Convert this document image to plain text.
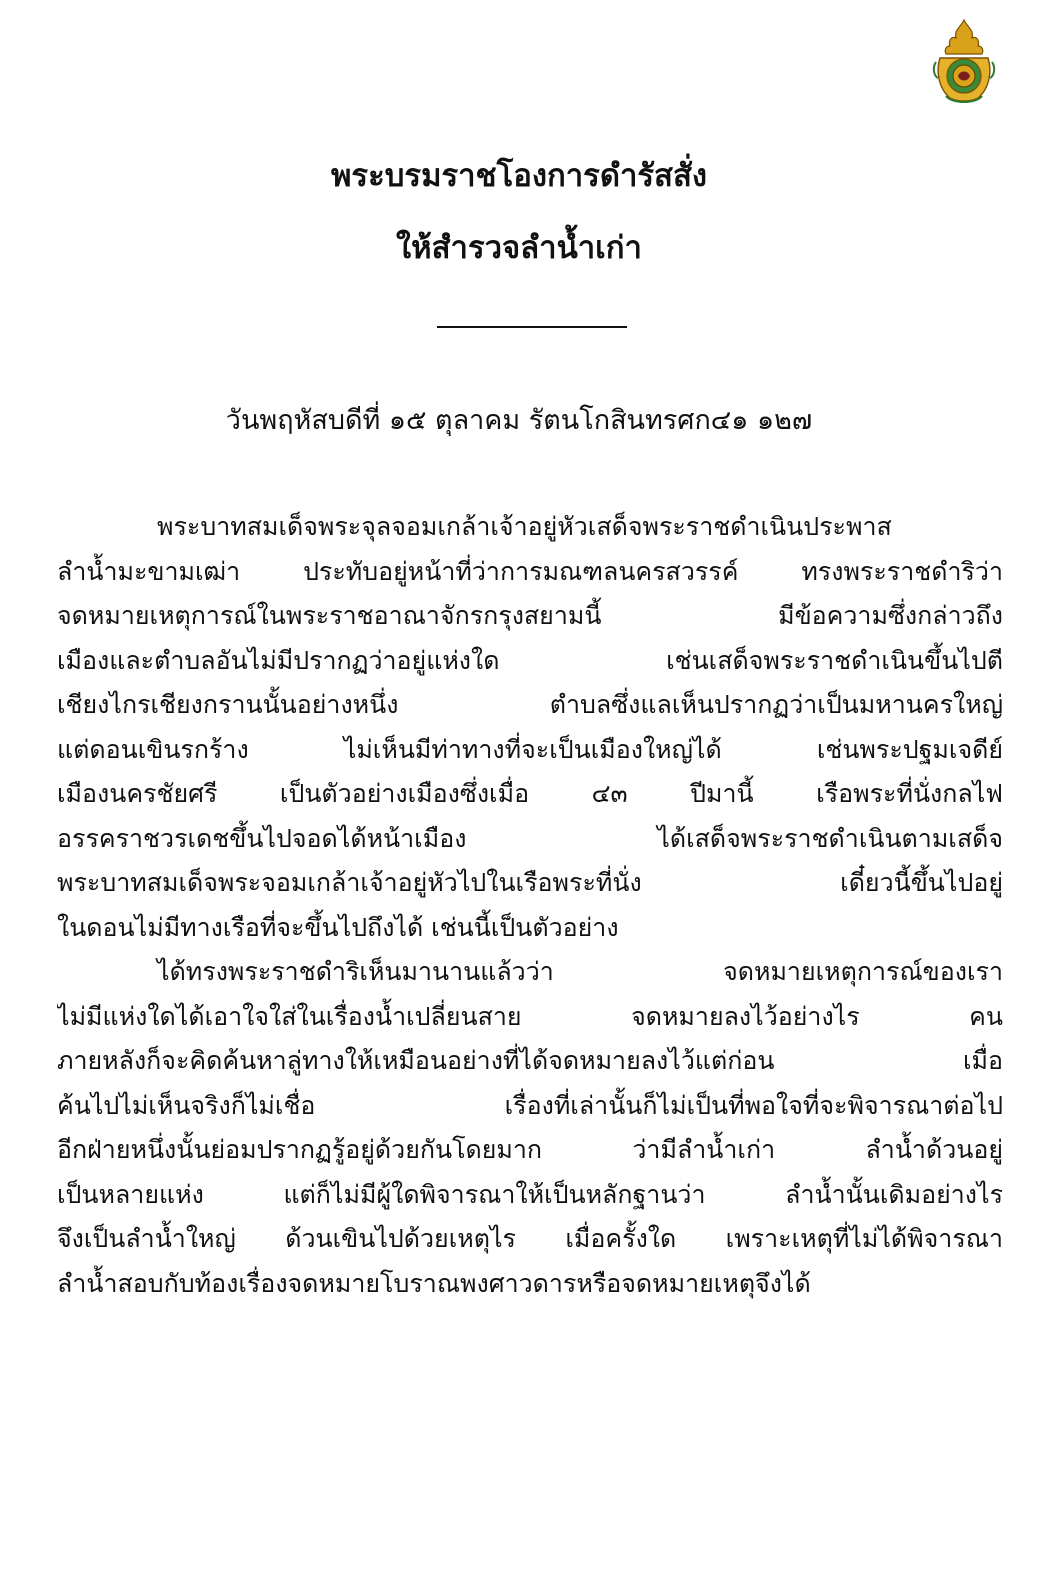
พระบรมราชโองการดำรัสสั่ง
ให้สำรวจลำน้ำเก่า
วันพฤหัสบดีที่ ๑๕ ตุลาคม รัตนโกสินทรศก๔๑ ๑๒๗
พระบาทสมเด็จพระจุลจอมเกล้าเจ้าอยู่หัวเสด็จพระราชดำเนินประพาส
ลำน้ำมะขามเฒ่า ประทับอยู่หน้าที่ว่าการมณฑลนครสวรรค์ ทรงพระราชดำริว่า
จดหมายเหตุการณ์ในพระราชอาณาจักรกรุงสยามนี้ มีข้อความซึ่งกล่าวถึง
เมืองและตำบลอันไม่มีปรากฏว่าอยู่แห่งใด เช่นเสด็จพระราชดำเนินขึ้นไปตี
เชียงไกรเชียงกรานนั้นอย่างหนึ่ง ตำบลซึ่งแลเห็นปรากฏว่าเป็นมหานครใหญ่
แต่ดอนเขินรกร้าง ไม่เห็นมีท่าทางที่จะเป็นเมืองใหญ่ได้ เช่นพระปฐมเจดีย์
เมืองนครชัยศรี เป็นตัวอย่างเมืองซึ่งเมื่อ ๔๓ ปีมานี้ เรือพระที่นั่งกลไฟ
อรรคราชวรเดชขึ้นไปจอดได้หน้าเมือง ได้เสด็จพระราชดำเนินตามเสด็จ
พระบาทสมเด็จพระจอมเกล้าเจ้าอยู่หัวไปในเรือพระที่นั่ง เดี๋ยวนี้ขึ้นไปอยู่
ในดอนไม่มีทางเรือที่จะขึ้นไปถึงได้ เช่นนี้เป็นตัวอย่าง
ได้ทรงพระราชดำริเห็นมานานแล้วว่า จดหมายเหตุการณ์ของเรา
ไม่มีแห่งใดได้เอาใจใส่ในเรื่องน้ำเปลี่ยนสาย จดหมายลงไว้อย่างไร คน
ภายหลังก็จะคิดค้นหาลู่ทางให้เหมือนอย่างที่ได้จดหมายลงไว้แต่ก่อน เมื่อ
ค้นไปไม่เห็นจริงก็ไม่เชื่อ เรื่องที่เล่านั้นก็ไม่เป็นที่พอใจที่จะพิจารณาต่อไป
อีกฝ่ายหนึ่งนั้นย่อมปรากฏรู้อยู่ด้วยกันโดยมาก ว่ามีลำน้ำเก่า ลำน้ำด้วนอยู่
เป็นหลายแห่ง แต่ก็ไม่มีผู้ใดพิจารณาให้เป็นหลักฐานว่า ลำน้ำนั้นเดิมอย่างไร
จึงเป็นลำน้ำใหญ่ ด้วนเขินไปด้วยเหตุไร เมื่อครั้งใด เพราะเหตุที่ไม่ได้พิจารณา
ลำน้ำสอบกับท้องเรื่องจดหมายโบราณพงศาวดารหรือจดหมายเหตุจึงได้
